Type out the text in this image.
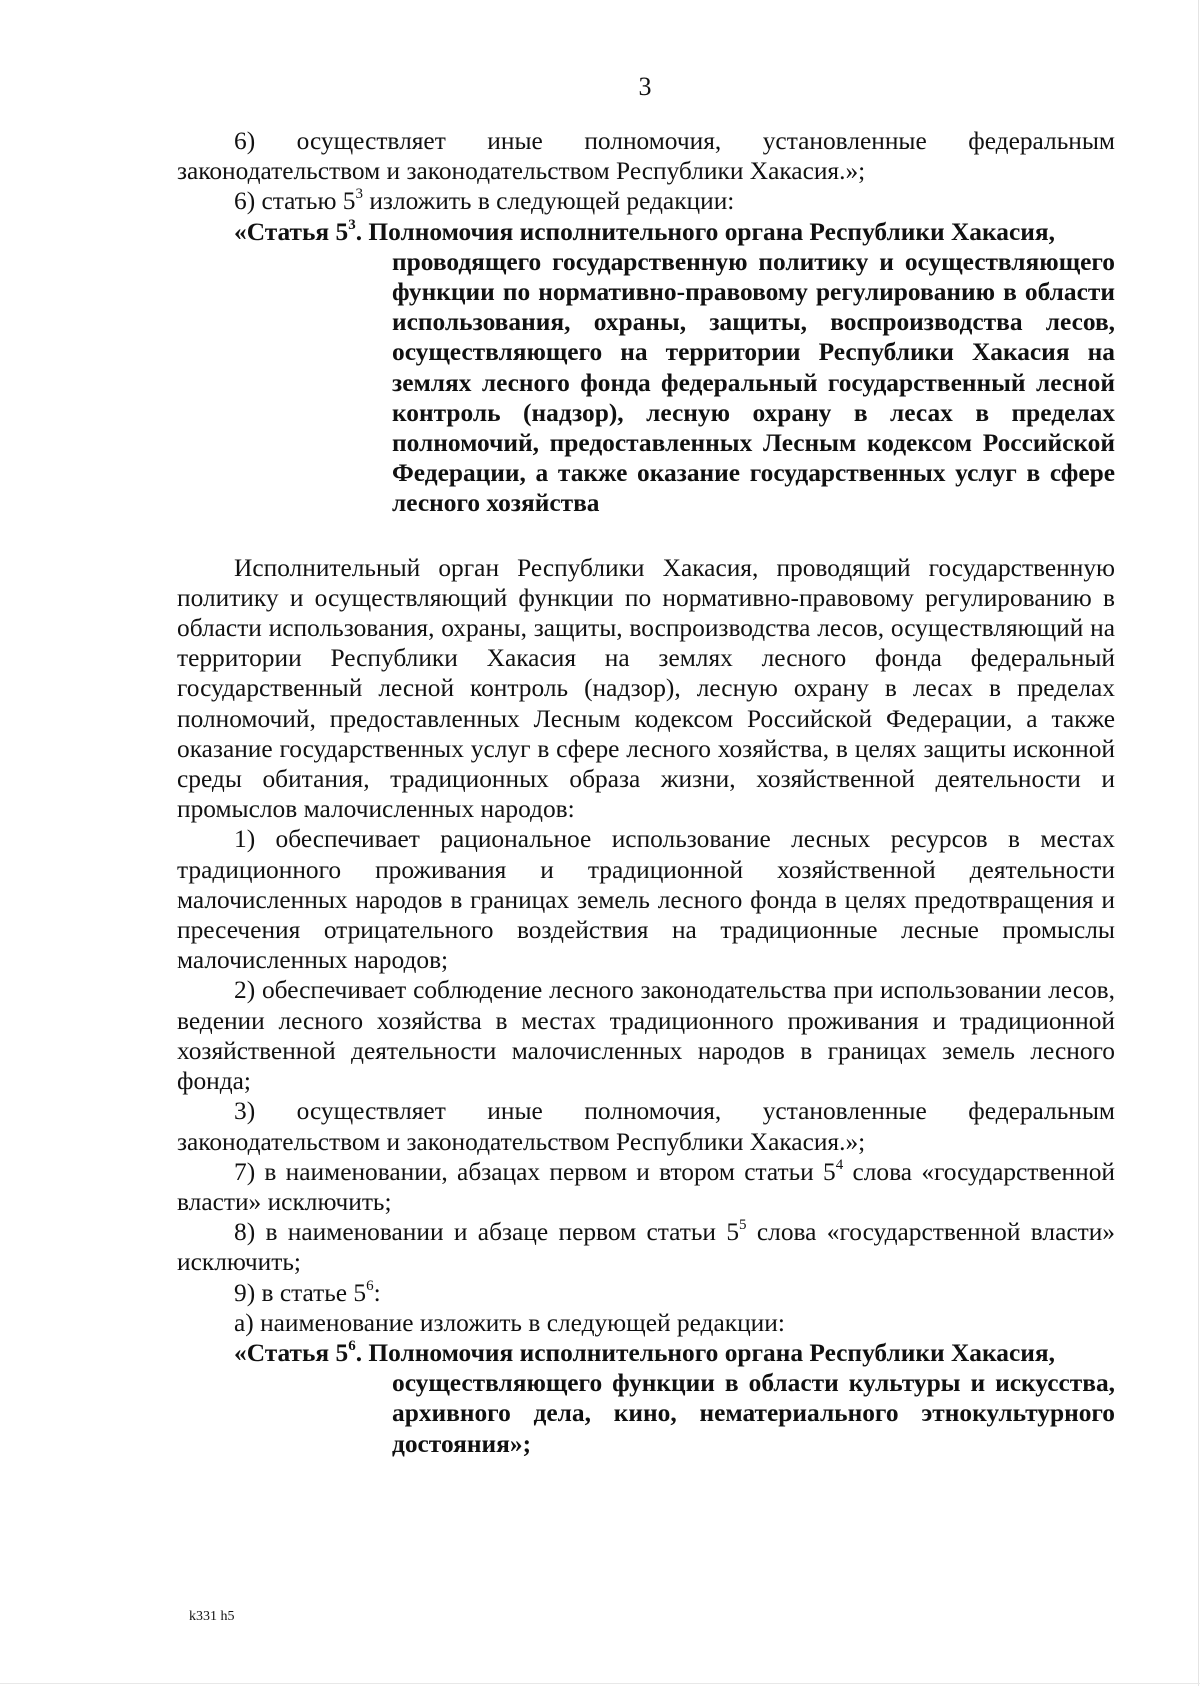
3

6) осуществляет иные полномочия, установленные федеральным законодательством и законодательством Республики Хакасия.»;

6) статью $5^3$ изложить в следующей редакции:

«Статья $5^3$. Полномочия исполнительного органа Республики Хакасия,
проводящего государственную политику и осуществляющего функции по нормативно-правовому регулированию в области использования, охраны, защиты, воспроизводства лесов, осуществляющего на территории Республики Хакасия на землях лесного фонда федеральный государственный лесной контроль (надзор), лесную охрану в лесах в пределах полномочий, предоставленных Лесным кодексом Российской Федерации, а также оказание государственных услуг в сфере лесного хозяйства

Исполнительный орган Республики Хакасия, проводящий государственную политику и осуществляющий функции по нормативно-правовому регулированию в области использования, охраны, защиты, воспроизводства лесов, осуществляющий на территории Республики Хакасия на землях лесного фонда федеральный государственный лесной контроль (надзор), лесную охрану в лесах в пределах полномочий, предоставленных Лесным кодексом Российской Федерации, а также оказание государственных услуг в сфере лесного хозяйства, в целях защиты исконной среды обитания, традиционных образа жизни, хозяйственной деятельности и промыслов малочисленных народов:

1) обеспечивает рациональное использование лесных ресурсов в местах традиционного проживания и традиционной хозяйственной деятельности малочисленных народов в границах земель лесного фонда в целях предотвращения и пресечения отрицательного воздействия на традиционные лесные промыслы малочисленных народов;

2) обеспечивает соблюдение лесного законодательства при использовании лесов, ведении лесного хозяйства в местах традиционного проживания и традиционной хозяйственной деятельности малочисленных народов в границах земель лесного фонда;

3) осуществляет иные полномочия, установленные федеральным законодательством и законодательством Республики Хакасия.»;

7) в наименовании, абзацах первом и втором статьи $5^4$ слова «государственной власти» исключить;

8) в наименовании и абзаце первом статьи $5^5$ слова «государственной власти» исключить;

9) в статье $5^6$:

а) наименование изложить в следующей редакции:

«Статья $5^6$. Полномочия исполнительного органа Республики Хакасия,
осуществляющего функции в области культуры и искусства, архивного дела, кино, нематериального этнокультурного достояния»;
k331 h5
